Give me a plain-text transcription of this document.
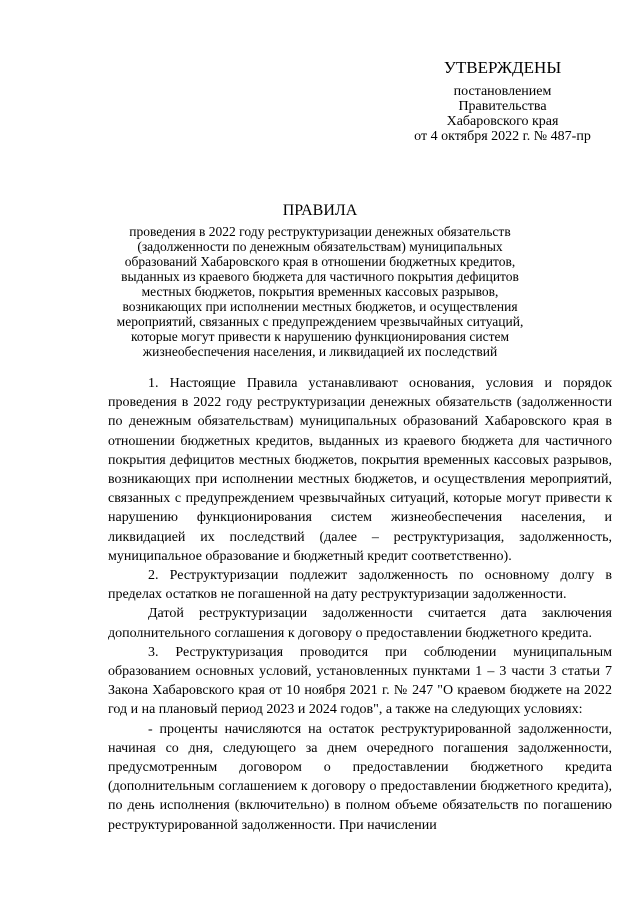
УТВЕРЖДЕНЫ
постановлением
Правительства
Хабаровского края
от 4 октября 2022 г. № 487-пр
ПРАВИЛА

проведения в 2022 году реструктуризации денежных обязательств (задолженности по денежным обязательствам) муниципальных образований Хабаровского края в отношении бюджетных кредитов, выданных из краевого бюджета для частичного покрытия дефицитов местных бюджетов, покрытия временных кассовых разрывов, возникающих при исполнении местных бюджетов, и осуществления мероприятий, связанных с предупреждением чрезвычайных ситуаций, которые могут привести к нарушению функционирования систем жизнеобеспечения населения, и ликвидацией их последствий

1. Настоящие Правила устанавливают основания, условия и порядок проведения в 2022 году реструктуризации денежных обязательств (задолженности по денежным обязательствам) муниципальных образований Хабаровского края в отношении бюджетных кредитов, выданных из краевого бюджета для частичного покрытия дефицитов местных бюджетов, покрытия временных кассовых разрывов, возникающих при исполнении местных бюджетов, и осуществления мероприятий, связанных с предупреждением чрезвычайных ситуаций, которые могут привести к нарушению функционирования систем жизнеобеспечения населения, и ликвидацией их последствий (далее – реструктуризация, задолженность, муниципальное образование и бюджетный кредит соответственно).

2. Реструктуризации подлежит задолженность по основному долгу в пределах остатков не погашенной на дату реструктуризации задолженности.

Датой реструктуризации задолженности считается дата заключения дополнительного соглашения к договору о предоставлении бюджетного кредита.

3. Реструктуризация проводится при соблюдении муниципальным образованием основных условий, установленных пунктами 1 – 3 части 3 статьи 7 Закона Хабаровского края от 10 ноября 2021 г. № 247 "О краевом бюджете на 2022 год и на плановый период 2023 и 2024 годов", а также на следующих условиях:

- проценты начисляются на остаток реструктурированной задолженности, начиная со дня, следующего за днем очередного погашения задолженности, предусмотренным договором о предоставлении бюджетного кредита (дополнительным соглашением к договору о предоставлении бюджетного кредита), по день исполнения (включительно) в полном объеме обязательств по погашению реструктурированной задолженности. При начислении
